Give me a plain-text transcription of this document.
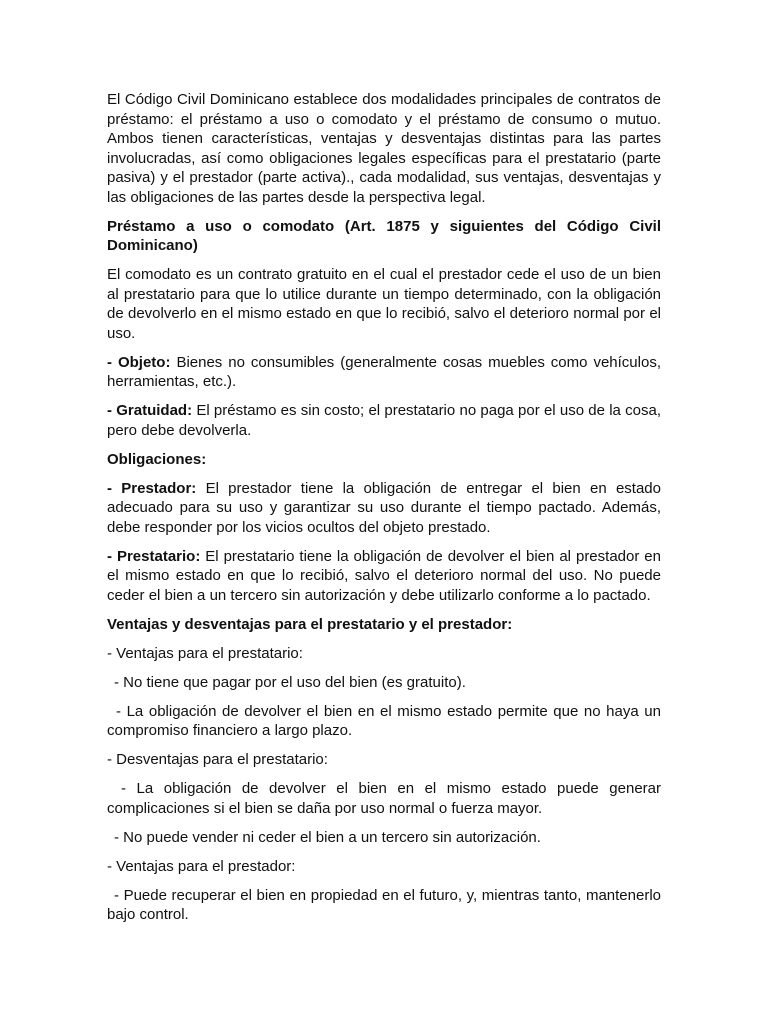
El Código Civil Dominicano establece dos modalidades principales de contratos de préstamo: el préstamo a uso o comodato y el préstamo de consumo o mutuo. Ambos tienen características, ventajas y desventajas distintas para las partes involucradas, así como obligaciones legales específicas para el prestatario (parte pasiva) y el prestador (parte activa)., cada modalidad, sus ventajas, desventajas y las obligaciones de las partes desde la perspectiva legal.

Préstamo a uso o comodato (Art. 1875 y siguientes del Código Civil Dominicano)

El comodato es un contrato gratuito en el cual el prestador cede el uso de un bien al prestatario para que lo utilice durante un tiempo determinado, con la obligación de devolverlo en el mismo estado en que lo recibió, salvo el deterioro normal por el uso.

- Objeto: Bienes no consumibles (generalmente cosas muebles como vehículos, herramientas, etc.).

- Gratuidad: El préstamo es sin costo; el prestatario no paga por el uso de la cosa, pero debe devolverla.

Obligaciones:

- Prestador: El prestador tiene la obligación de entregar el bien en estado adecuado para su uso y garantizar su uso durante el tiempo pactado. Además, debe responder por los vicios ocultos del objeto prestado.

- Prestatario: El prestatario tiene la obligación de devolver el bien al prestador en el mismo estado en que lo recibió, salvo el deterioro normal del uso. No puede ceder el bien a un tercero sin autorización y debe utilizarlo conforme a lo pactado.

Ventajas y desventajas para el prestatario y el prestador:

- Ventajas para el prestatario:

- No tiene que pagar por el uso del bien (es gratuito).

- La obligación de devolver el bien en el mismo estado permite que no haya un compromiso financiero a largo plazo.

- Desventajas para el prestatario:

- La obligación de devolver el bien en el mismo estado puede generar complicaciones si el bien se daña por uso normal o fuerza mayor.

- No puede vender ni ceder el bien a un tercero sin autorización.

- Ventajas para el prestador:

- Puede recuperar el bien en propiedad en el futuro, y, mientras tanto, mantenerlo bajo control.
